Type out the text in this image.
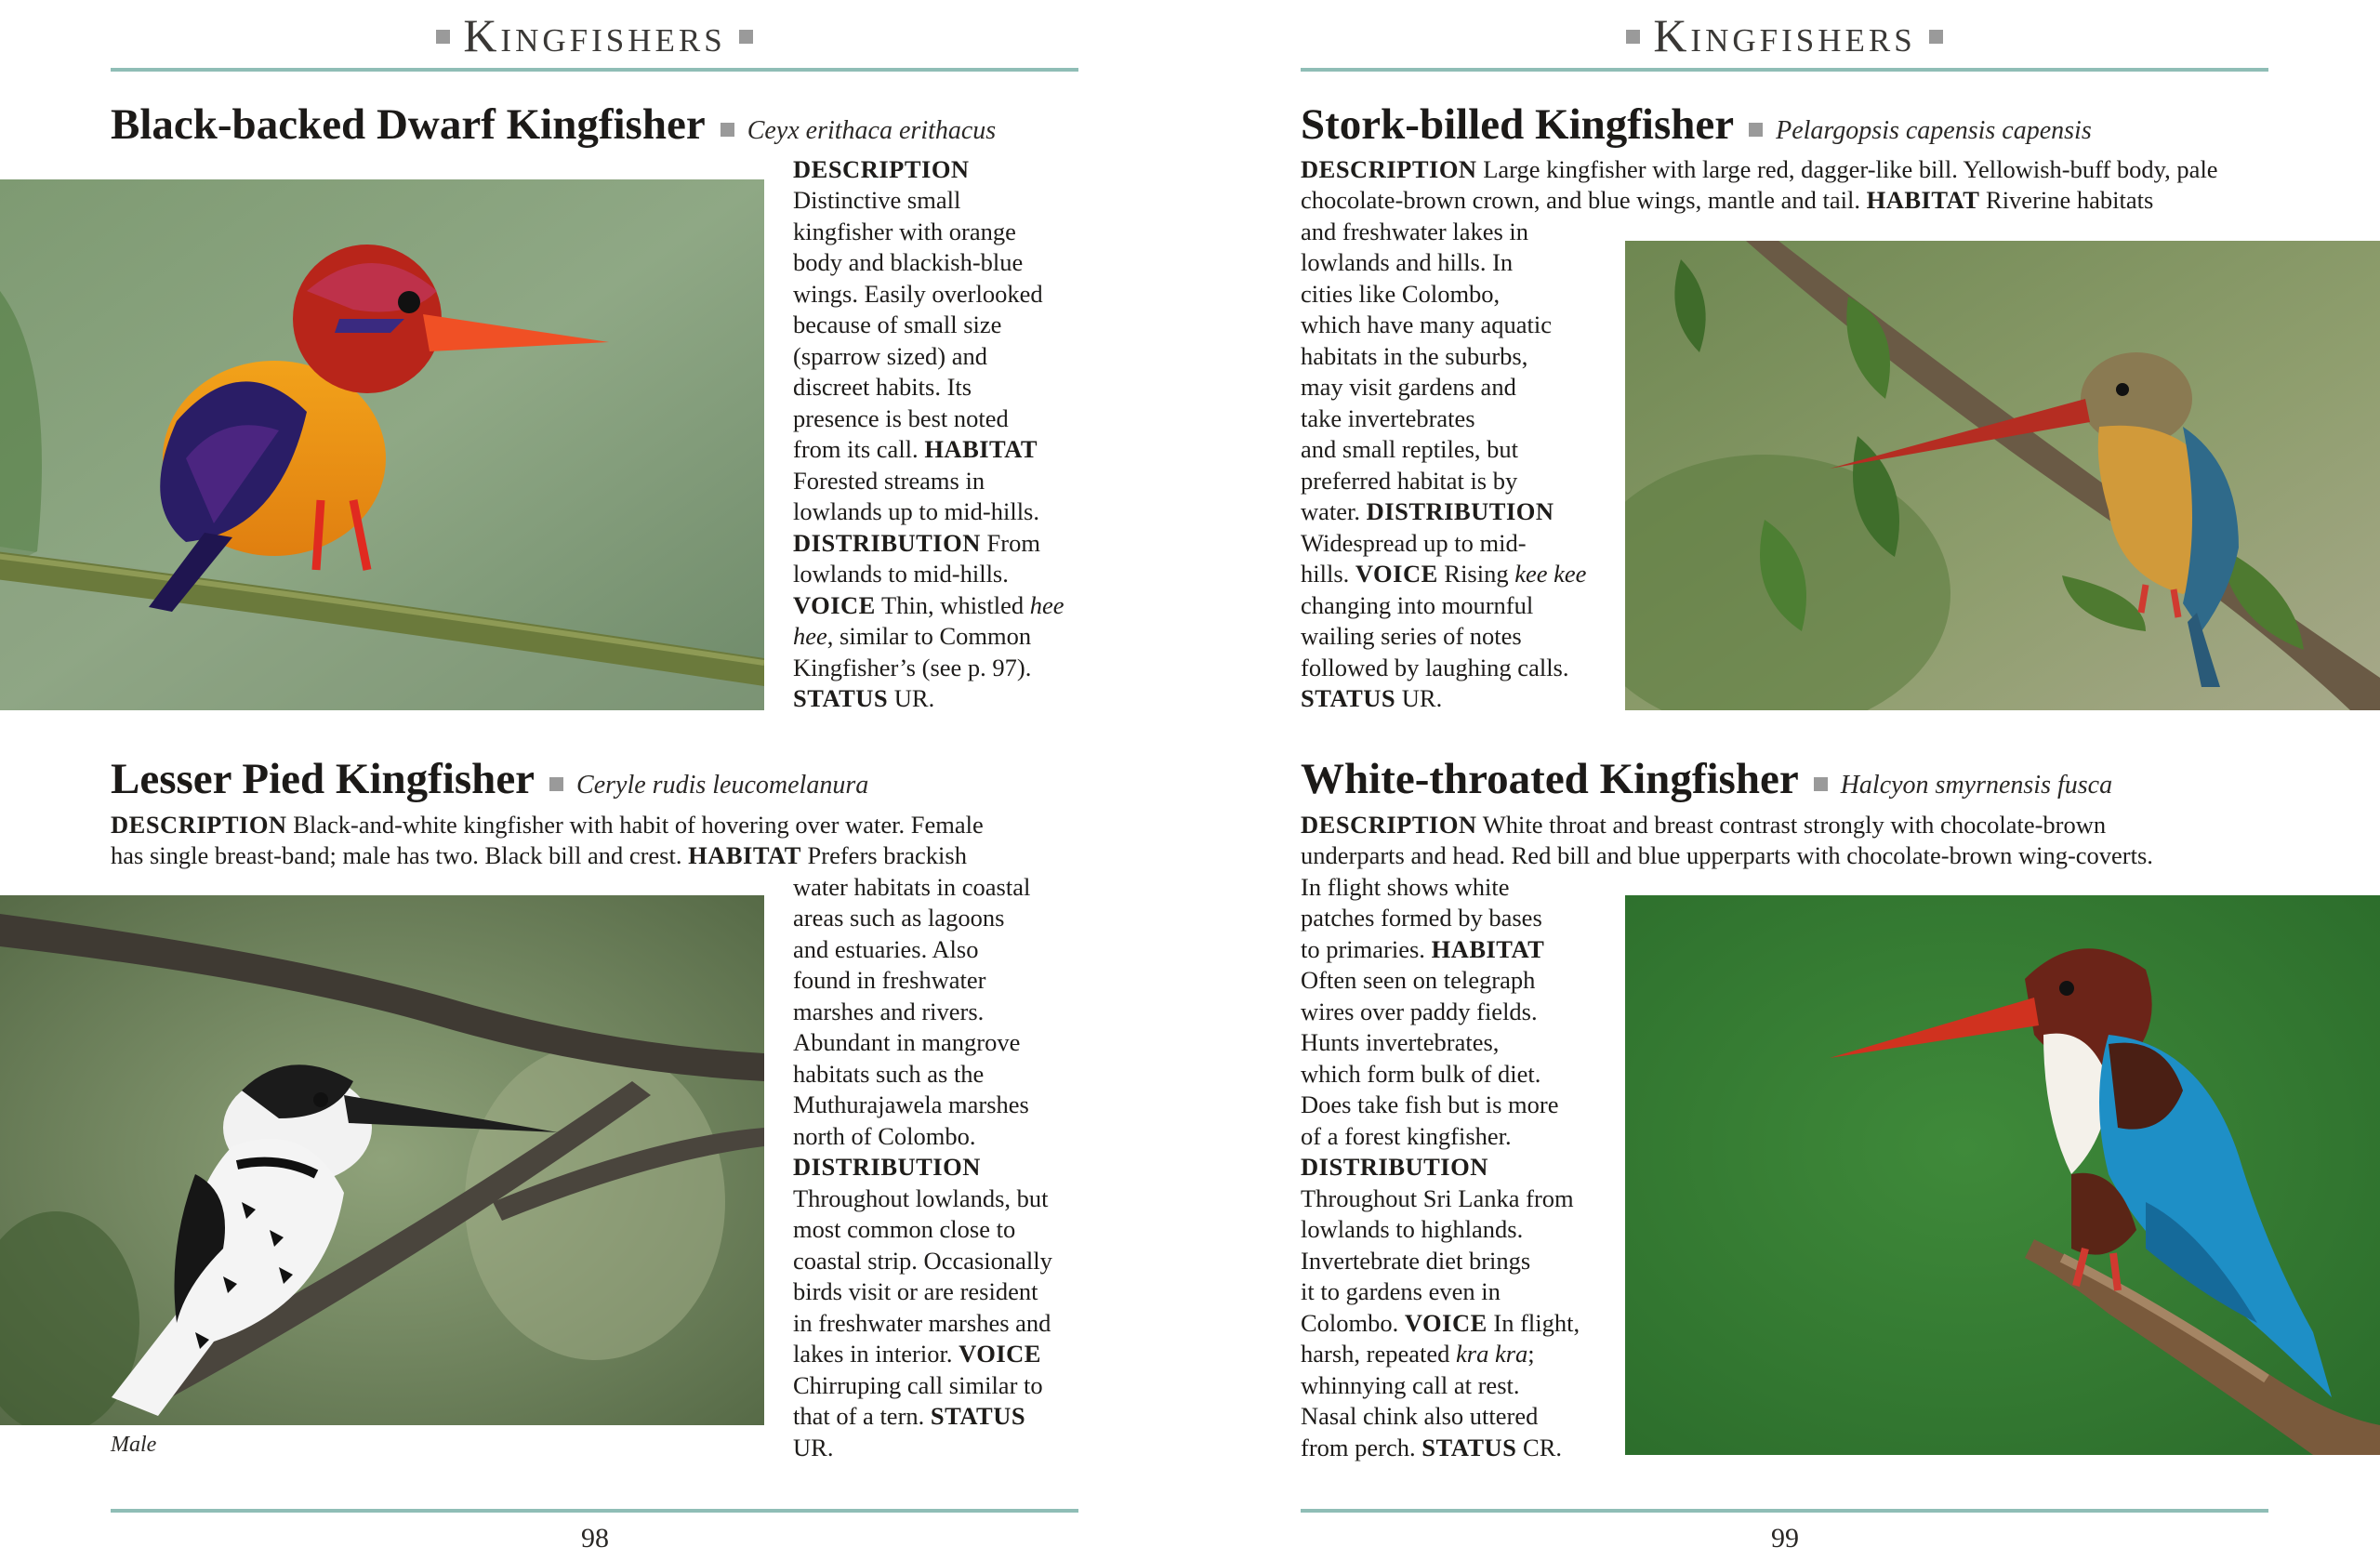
Kingfishers
Black-backed Dwarf Kingfisher Ceyx erithaca erithacus
DESCRIPTION
Distinctive small
kingfisher with orange
body and blackish-blue
wings. Easily overlooked
because of small size
(sparrow sized) and
discreet habits. Its
presence is best noted
from its call. HABITAT
Forested streams in
lowlands up to mid-hills.
DISTRIBUTION From
lowlands to mid-hills.
VOICE Thin, whistled hee
hee, similar to Common
Kingfisher’s (see p. 97).
STATUS UR.
Lesser Pied Kingfisher Ceryle rudis leucomelanura
DESCRIPTION Black-and-white kingfisher with habit of hovering over water. Female
has single breast-band; male has two. Black bill and crest. HABITAT Prefers brackish
water habitats in coastal
areas such as lagoons
and estuaries. Also
found in freshwater
marshes and rivers.
Abundant in mangrove
habitats such as the
Muthurajawela marshes
north of Colombo.
DISTRIBUTION
Throughout lowlands, but
most common close to
coastal strip. Occasionally
birds visit or are resident
in freshwater marshes and
lakes in interior. VOICE
Chirruping call similar to
that of a tern. STATUS
UR.
Male
98
Kingfishers
Stork-billed Kingfisher Pelargopsis capensis capensis
DESCRIPTION Large kingfisher with large red, dagger-like bill. Yellowish-buff body, pale
chocolate-brown crown, and blue wings, mantle and tail. HABITAT Riverine habitats
and freshwater lakes in
lowlands and hills. In
cities like Colombo,
which have many aquatic
habitats in the suburbs,
may visit gardens and
take invertebrates
and small reptiles, but
preferred habitat is by
water. DISTRIBUTION
Widespread up to mid-
hills. VOICE Rising kee kee
changing into mournful
wailing series of notes
followed by laughing calls.
STATUS UR.
White-throated Kingfisher Halcyon smyrnensis fusca
DESCRIPTION White throat and breast contrast strongly with chocolate-brown
underparts and head. Red bill and blue upperparts with chocolate-brown wing-coverts.
In flight shows white
patches formed by bases
to primaries. HABITAT
Often seen on telegraph
wires over paddy fields.
Hunts invertebrates,
which form bulk of diet.
Does take fish but is more
of a forest kingfisher.
DISTRIBUTION
Throughout Sri Lanka from
lowlands to highlands.
Invertebrate diet brings
it to gardens even in
Colombo. VOICE In flight,
harsh, repeated kra kra;
whinnying call at rest.
Nasal chink also uttered
from perch. STATUS CR.
99
